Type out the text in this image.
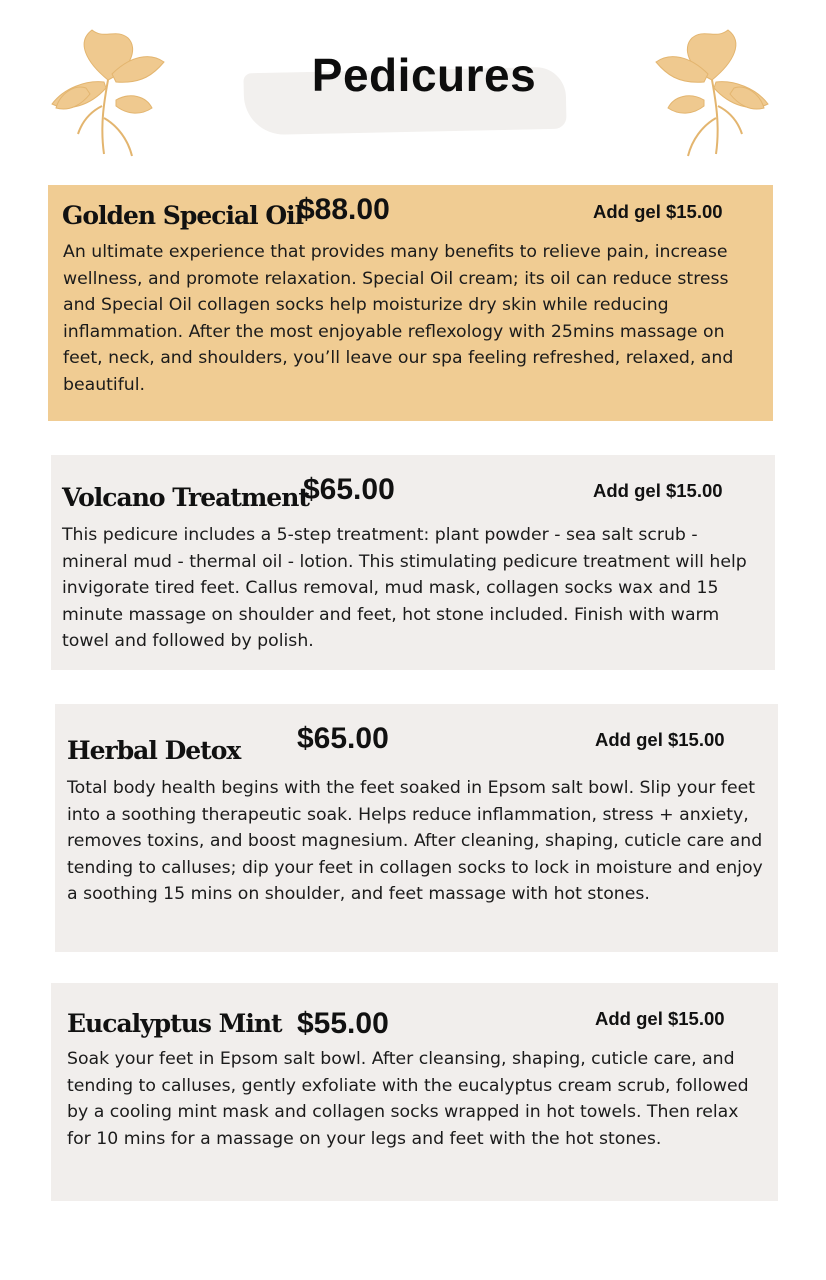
Pedicures
Golden Special Oil
$88.00	Add gel $15.00

An ultimate experience that provides many benefits to relieve pain, increase wellness, and promote relaxation. Special Oil cream; its oil can reduce stress and Special Oil collagen socks help moisturize dry skin while reducing inflammation. After the most enjoyable reflexology with 25mins massage on feet, neck, and shoulders, you’ll leave our spa feeling refreshed, relaxed, and beautiful.

Volcano Treatment
$65.00	Add gel $15.00

This pedicure includes a 5-step treatment: plant powder - sea salt scrub - mineral mud - thermal oil - lotion. This stimulating pedicure treatment will help invigorate tired feet. Callus removal, mud mask, collagen socks wax and 15 minute massage on shoulder and feet, hot stone included. Finish with warm towel and followed by polish.

Herbal Detox $65.00	Add gel $15.00

Total body health begins with the feet soaked in Epsom salt bowl. Slip your feet into a soothing therapeutic soak. Helps reduce inflammation, stress + anxiety, removes toxins, and boost magnesium. After cleaning, shaping, cuticle care and tending to calluses; dip your feet in collagen socks to lock in moisture and enjoy a soothing 15 mins on shoulder, and feet massage with hot stones.

Eucalyptus Mint $55.00	Add gel $15.00

Soak your feet in Epsom salt bowl. After cleansing, shaping, cuticle care, and tending to calluses, gently exfoliate with the eucalyptus cream scrub, followed by a cooling mint mask and collagen socks wrapped in hot towels. Then relax for 10 mins for a massage on your legs and feet with the hot stones.
